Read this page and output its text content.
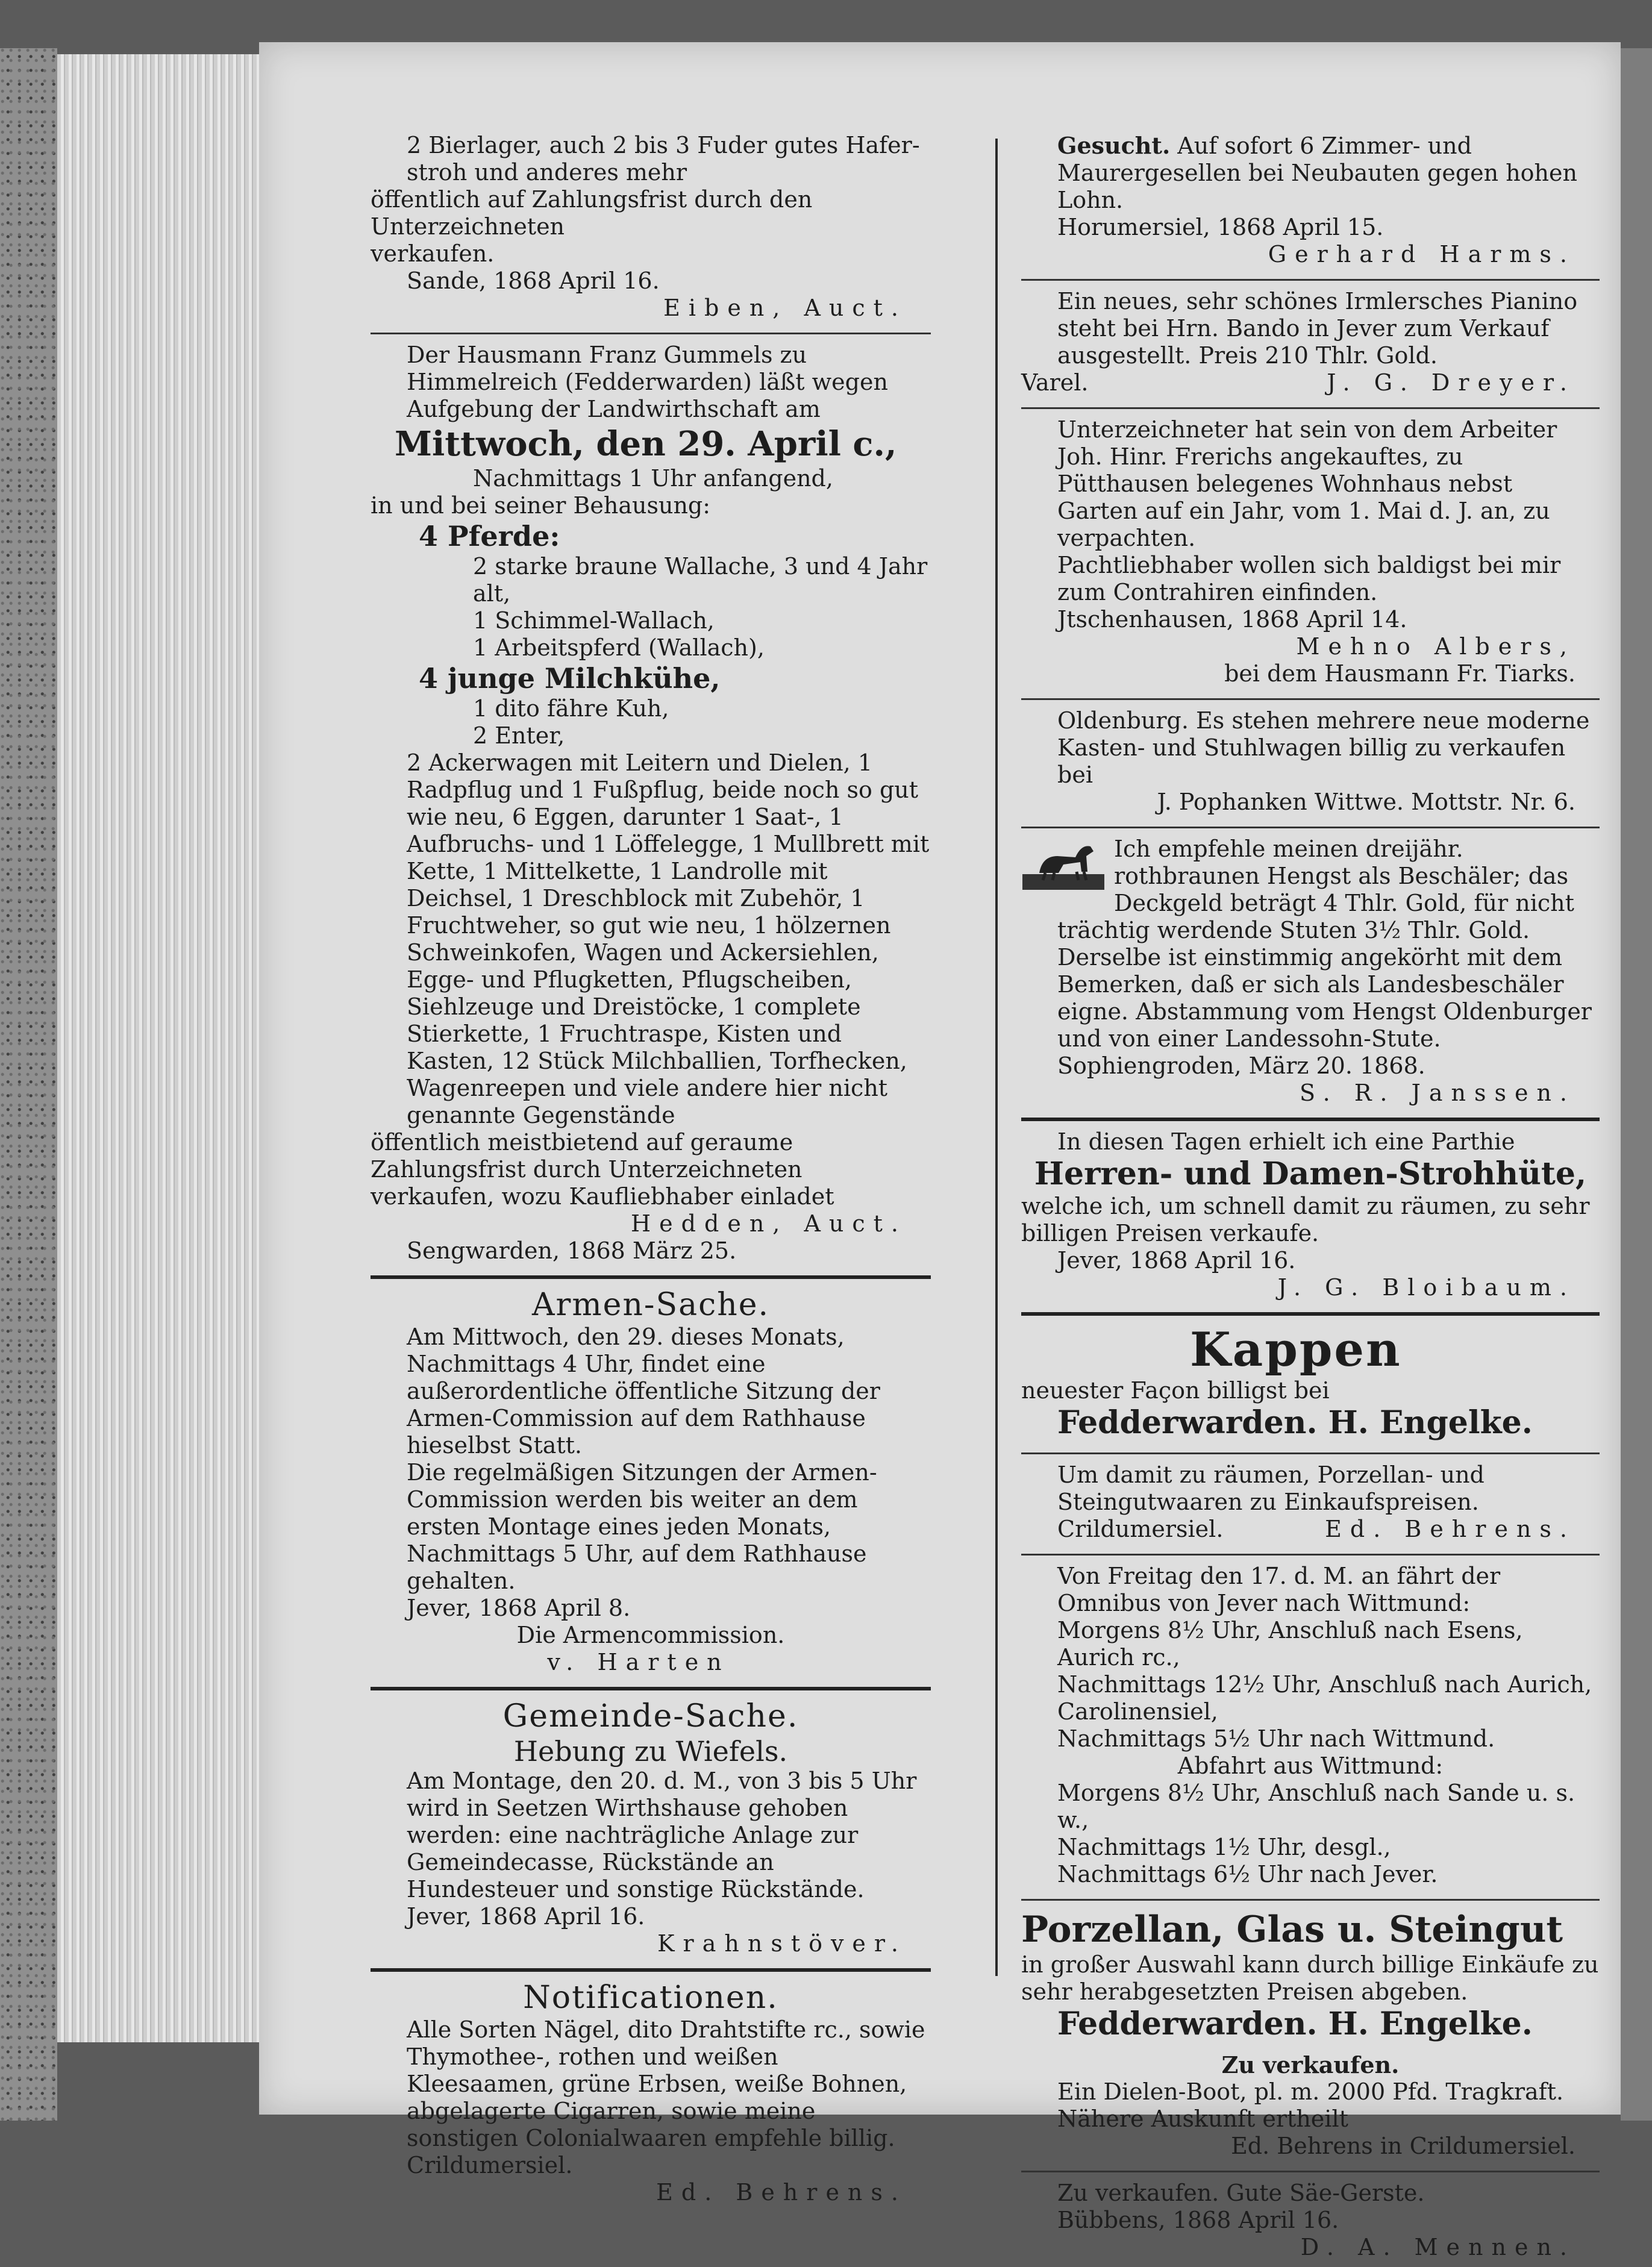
2 Bierlager, auch 2 bis 3 Fuder gutes Hafer-

stroh und anderes mehr

öffentlich auf Zahlungsfrist durch den Unterzeichneten

verkaufen.

Sande, 1868 April 16.

Eiben, Auct.

Der Hausmann Franz Gummels zu Himmelreich (Fedderwarden) läßt wegen Aufgebung der Landwirthschaft am

Mittwoch, den 29. April c.,

Nachmittags 1 Uhr anfangend,

in und bei seiner Behausung:

4 Pferde:

2 starke braune Wallache, 3 und 4 Jahr alt,

1 Schimmel-Wallach,

1 Arbeitspferd (Wallach),

4 junge Milchkühe,

1 dito fähre Kuh,

2 Enter,

2 Ackerwagen mit Leitern und Dielen, 1 Radpflug und 1 Fußpflug, beide noch so gut wie neu, 6 Eggen, darunter 1 Saat-, 1 Aufbruchs- und 1 Löffelegge, 1 Mullbrett mit Kette, 1 Mittelkette, 1 Landrolle mit Deichsel, 1 Dreschblock mit Zubehör, 1 Fruchtweher, so gut wie neu, 1 hölzernen Schweinkofen, Wagen und Ackersiehlen, Egge- und Pflugketten, Pflugscheiben, Siehlzeuge und Dreistöcke, 1 complete Stierkette, 1 Fruchtraspe, Kisten und Kasten, 12 Stück Milchballien, Torfhecken, Wagenreepen und viele andere hier nicht genannte Gegenstände

öffentlich meistbietend auf geraume Zahlungsfrist durch Unterzeichneten verkaufen, wozu Kaufliebhaber einladet

Hedden, Auct.

Sengwarden, 1868 März 25.

Armen-Sache.

Am Mittwoch, den 29. dieses Monats, Nachmittags 4 Uhr, findet eine außerordentliche öffentliche Sitzung der Armen-Commission auf dem Rathhause hieselbst Statt.

Die regelmäßigen Sitzungen der Armen-Commission werden bis weiter an dem ersten Montage eines jeden Monats, Nachmittags 5 Uhr, auf dem Rathhause gehalten.

Jever, 1868 April 8.

Die Armencommission.

v. Harten

Gemeinde-Sache.

Hebung zu Wiefels.

Am Montage, den 20. d. M., von 3 bis 5 Uhr wird in Seetzen Wirthshause gehoben werden: eine nachträgliche Anlage zur Gemeindecasse, Rückstände an Hundesteuer und sonstige Rückstände.

Jever, 1868 April 16.

Krahnstöver.

Notificationen.

Alle Sorten Nägel, dito Drahtstifte rc., sowie Thymothee-, rothen und weißen Kleesaamen, grüne Erbsen, weiße Bohnen, abgelagerte Cigarren, sowie meine sonstigen Colonialwaaren empfehle billig.

Crildumersiel.

Ed. Behrens.

Gesucht. Auf sofort 6 Zimmer- und Maurergesellen bei Neubauten gegen hohen Lohn.

Horumersiel, 1868 April 15.

Gerhard Harms.

Ein neues, sehr schönes Irmlersches Pianino steht bei Hrn. Bando in Jever zum Verkauf ausgestellt. Preis 210 Thlr. Gold.

Varel.	J. G. Dreyer.

Unterzeichneter hat sein von dem Arbeiter Joh. Hinr. Frerichs angekauftes, zu Pütthausen belegenes Wohnhaus nebst Garten auf ein Jahr, vom 1. Mai d. J. an, zu verpachten.

Pachtliebhaber wollen sich baldigst bei mir zum Contrahiren einfinden.

Jtschenhausen, 1868 April 14.

Mehno Albers,

bei dem Hausmann Fr. Tiarks.

Oldenburg. Es stehen mehrere neue moderne Kasten- und Stuhlwagen billig zu verkaufen bei

J. Pophanken Wittwe. Mottstr. Nr. 6.

Ich empfehle meinen dreijähr. rothbraunen Hengst als Beschäler; das Deckgeld beträgt 4 Thlr. Gold, für nicht trächtig werdende Stuten 3½ Thlr. Gold. Derselbe ist einstimmig angekörht mit dem Bemerken, daß er sich als Landesbeschäler eigne. Abstammung vom Hengst Oldenburger und von einer Landessohn-Stute.

Sophiengroden, März 20. 1868.

S. R. Janssen.

In diesen Tagen erhielt ich eine Parthie

Herren- und Damen-Strohhüte,

welche ich, um schnell damit zu räumen, zu sehr billigen Preisen verkaufe.

Jever, 1868 April 16.

J. G. Bloibaum.

Kappen

neuester Façon billigst bei

Fedderwarden. H. Engelke.

Um damit zu räumen, Porzellan- und Steingutwaaren zu Einkaufspreisen.

Crildumersiel.	Ed. Behrens.

Von Freitag den 17. d. M. an fährt der Omnibus von Jever nach Wittmund:

Morgens 8½ Uhr, Anschluß nach Esens, Aurich rc.,

Nachmittags 12½ Uhr, Anschluß nach Aurich, Carolinensiel,

Nachmittags 5½ Uhr nach Wittmund.

Abfahrt aus Wittmund:

Morgens 8½ Uhr, Anschluß nach Sande u. s. w.,

Nachmittags 1½ Uhr, desgl.,

Nachmittags 6½ Uhr nach Jever.

Porzellan, Glas u. Steingut

in großer Auswahl kann durch billige Einkäufe zu sehr herabgesetzten Preisen abgeben.

Fedderwarden. H. Engelke.

Zu verkaufen.

Ein Dielen-Boot, pl. m. 2000 Pfd. Tragkraft.

Nähere Auskunft ertheilt

Ed. Behrens in Crildumersiel.

Zu verkaufen. Gute Säe-Gerste.

Bübbens, 1868 April 16.

D. A. Mennen.
